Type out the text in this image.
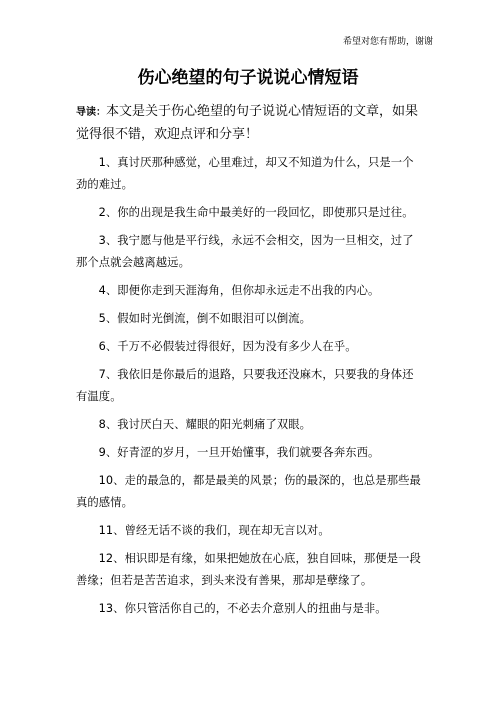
希望对您有帮助，谢谢
伤心绝望的句子说说心情短语

导读：本文是关于伤心绝望的句子说说心情短语的文章，如果觉得很不错，欢迎点评和分享！

1、真讨厌那种感觉，心里难过，却又不知道为什么，只是一个劲的难过。

2、你的出现是我生命中最美好的一段回忆，即使那只是过往。

3、我宁愿与他是平行线，永远不会相交，因为一旦相交，过了那个点就会越离越远。

4、即便你走到天涯海角，但你却永远走不出我的内心。

5、假如时光倒流，倒不如眼泪可以倒流。

6、千万不必假装过得很好，因为没有多少人在乎。

7、我依旧是你最后的退路，只要我还没麻木，只要我的身体还有温度。

8、我讨厌白天、耀眼的阳光刺痛了双眼。

9、好青涩的岁月，一旦开始懂事，我们就要各奔东西。

10、走的最急的，都是最美的风景；伤的最深的，也总是那些最真的感情。

11、曾经无话不谈的我们，现在却无言以对。

12、相识即是有缘，如果把她放在心底，独自回味，那便是一段善缘；但若是苦苦追求，到头来没有善果，那却是孽缘了。

13、你只管活你自己的，不必去介意别人的扭曲与是非。
